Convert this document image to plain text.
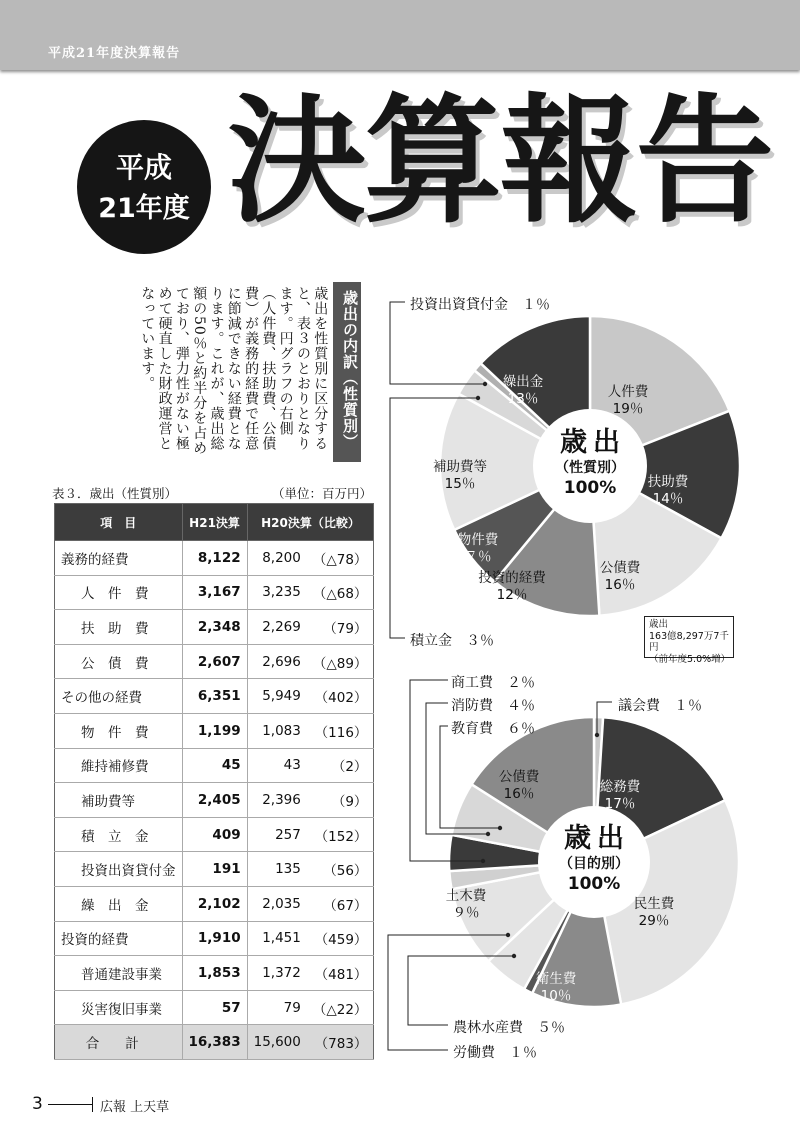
平成21年度決算報告
平成
21年度 決算報告
歳出の内訳（性質別）
歳出を性質別に区分すると、表３のとおりとなります。円グラフの右側（人件費、扶助費、公債費）が義務的経費で任意に節減できない経費となります。これが、歳出総額の50％と約半分を占めており、弾力性がない極めて硬直した財政運営となっています。
表３．歳出（性質別）	（単位：百万円）
項　目	H21決算	H20決算（比較）	
義務的経費	8,122	8,200	（△78）
人　件　費	3,167	3,235	（△68）
扶　助　費	2,348	2,269	（79）
公　債　費	2,607	2,696	（△89）
その他の経費	6,351	5,949	（402）
物　件　費	1,199	1,083	（116）
維持補修費	45	43	（2）
補助費等	2,405	2,396	（9）
積　立　金	409	257	（152）
投資出資貸付金	191	135	（56）
繰　出　金	2,102	2,035	（67）
投資的経費	1,910	1,451	（459）
普通建設事業	1,853	1,372	（481）
災害復旧事業	57	79	（△22）
合計	16,383	15,600	（783）
歳出
163億8,297万7千円
（前年度5.0%増）
歳出
（性質別）
100%
人件費
19％
扶助費
14％
公債費
16％
投資的経費
12％
物件費
７％
補助費等
15％
繰出金
13％
積立金　３％
投資出資貸付金　１％
歳出
（目的別）
100%
総務費
17％
民生費
29％
衛生費
10％
土木費
９％
公債費
16％
議会費　１％
労働費　１％
農林水産費　５％
商工費　２％
消防費　４％
教育費　６％
3	広報 上天草
